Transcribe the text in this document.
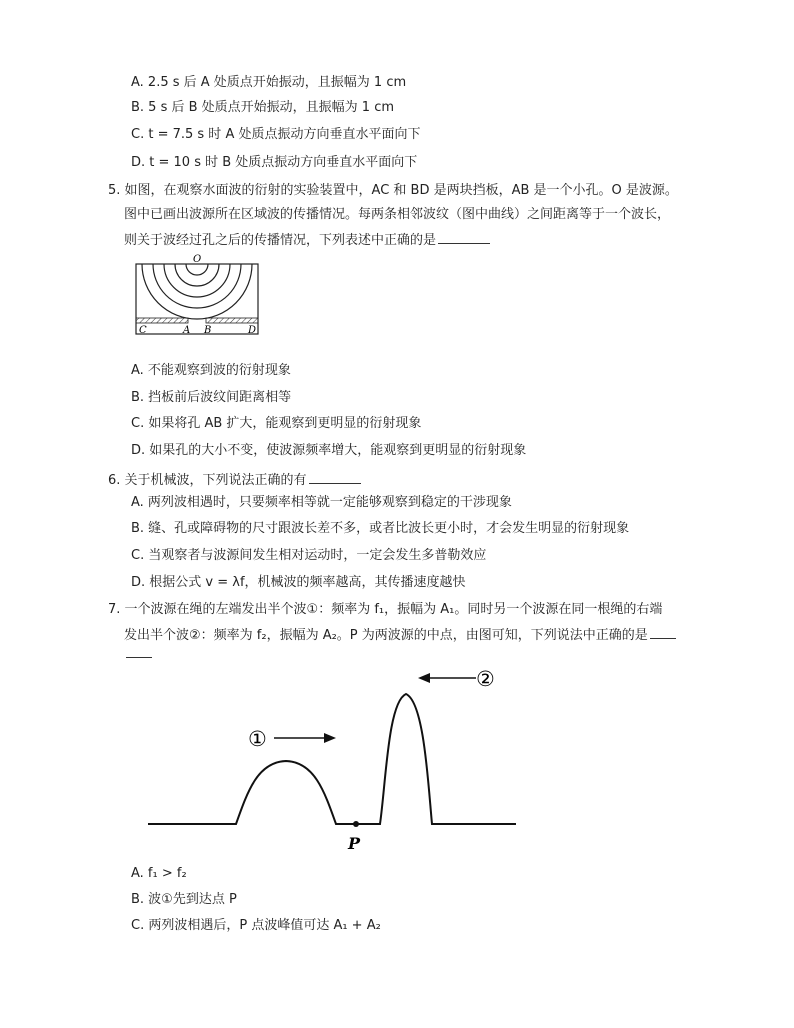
A. 2.5 s 后 A 处质点开始振动，且振幅为 1 cm
B. 5 s 后 B 处质点开始振动，且振幅为 1 cm
C. t = 7.5 s 时 A 处质点振动方向垂直水平面向下
D. t = 10 s 时 B 处质点振动方向垂直水平面向下
5. 如图，在观察水面波的衍射的实验装置中，AC 和 BD 是两块挡板，AB 是一个小孔。O 是波源。
图中已画出波源所在区域波的传播情况。每两条相邻波纹（图中曲线）之间距离等于一个波长，
则关于波经过孔之后的传播情况，下列表述中正确的是
O
C	A B	D
A. 不能观察到波的衍射现象
B. 挡板前后波纹间距离相等
C. 如果将孔 AB 扩大，能观察到更明显的衍射现象
D. 如果孔的大小不变，使波源频率增大，能观察到更明显的衍射现象
6. 关于机械波，下列说法正确的有
A. 两列波相遇时，只要频率相等就一定能够观察到稳定的干涉现象
B. 缝、孔或障碍物的尺寸跟波长差不多，或者比波长更小时，才会发生明显的衍射现象
C. 当观察者与波源间发生相对运动时，一定会发生多普勒效应
D. 根据公式 v = λf，机械波的频率越高，其传播速度越快
7. 一个波源在绳的左端发出半个波①：频率为 f₁，振幅为 A₁。同时另一个波源在同一根绳的右端
发出半个波②：频率为 f₂，振幅为 A₂。P 为两波源的中点，由图可知，下列说法中正确的是
P
①
②
A. f₁ > f₂
B. 波①先到达点 P
C. 两列波相遇后，P 点波峰值可达 A₁ + A₂
